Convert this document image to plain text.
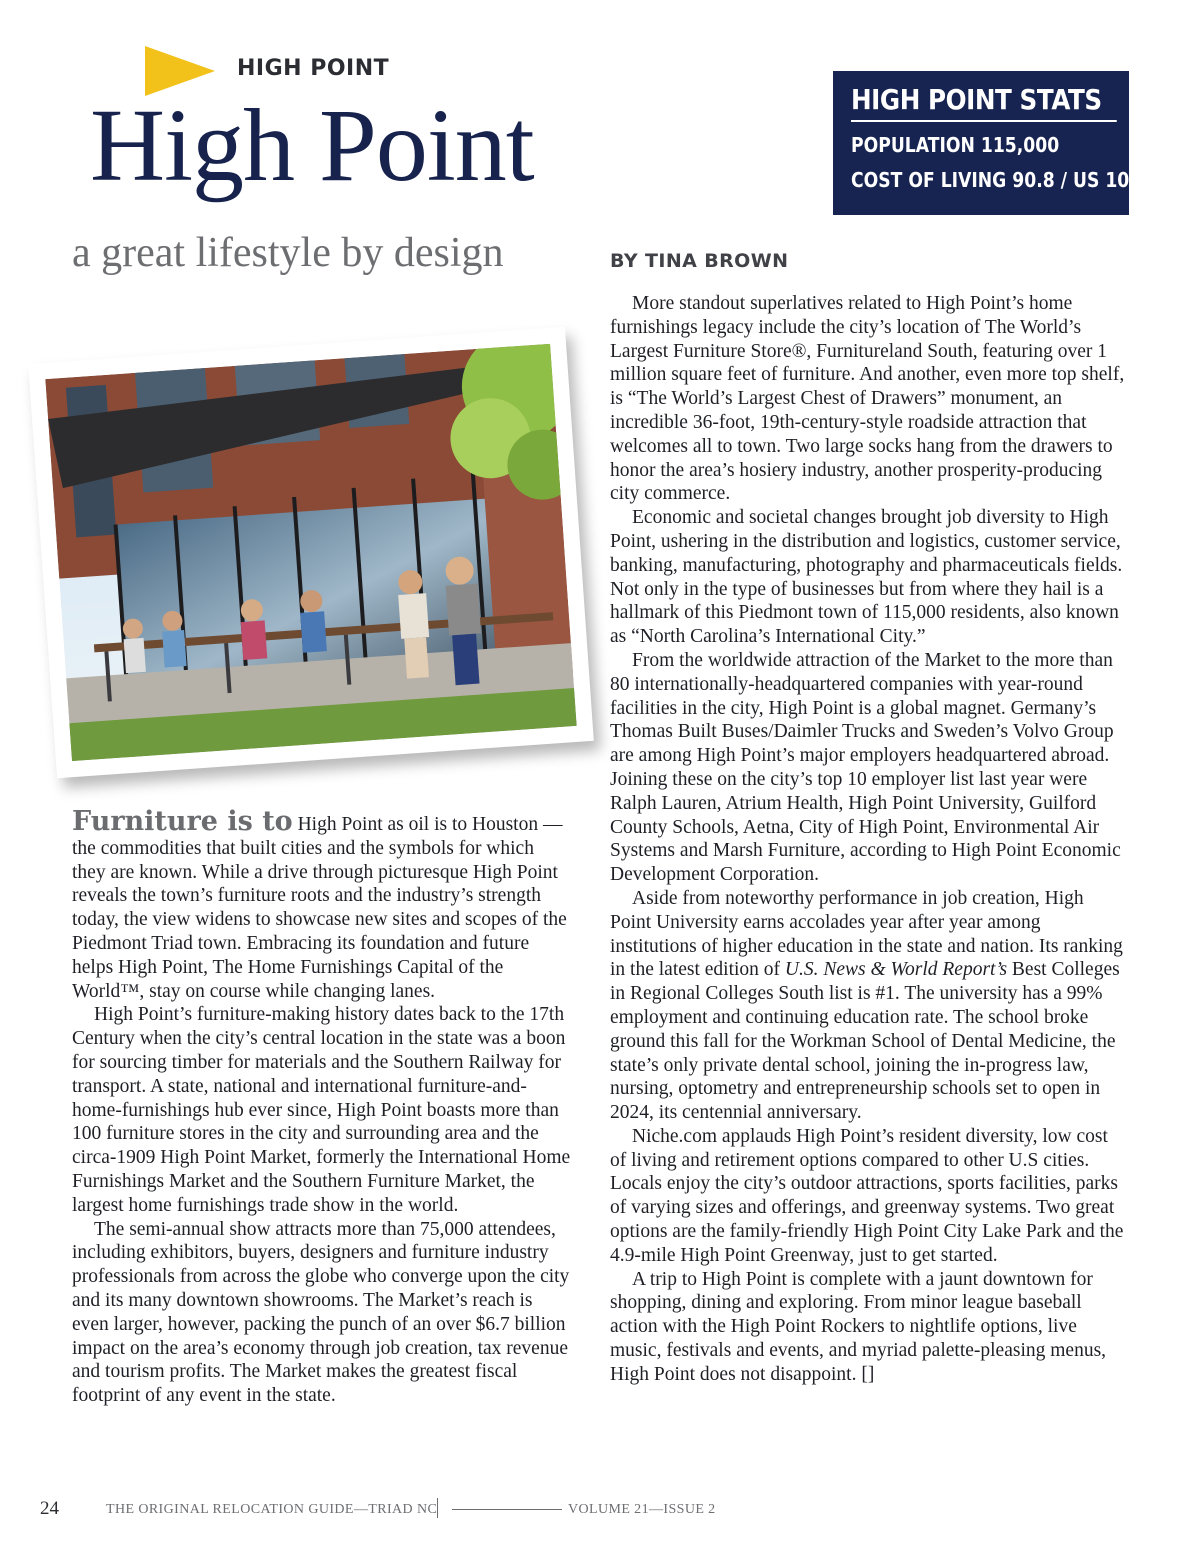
HIGH POINT
High Point
a great lifestyle by design
HIGH POINT STATS
POPULATION 115,000
COST OF LIVING 90.8 / US 100
BY TINA BROWN

Furniture is to High Point as oil is to Houston — the commodities that built cities and the symbols for which they are known. While a drive through picturesque High Point reveals the town’s furniture roots and the industry’s strength today, the view widens to showcase new sites and scopes of the Piedmont Triad town. Embracing its foundation and future helps High Point, The Home Furnishings Capital of the World™, stay on course while changing lanes.

High Point’s furniture-making history dates back to the 17th Century when the city’s central location in the state was a boon for sourcing timber for materials and the Southern Railway for transport. A state, national and international furniture-and-home-furnishings hub ever since, High Point boasts more than 100 furniture stores in the city and surrounding area and the circa-1909 High Point Market, formerly the International Home Furnishings Market and the Southern Furniture Market, the largest home furnishings trade show in the world.

The semi-annual show attracts more than 75,000 attendees, including exhibitors, buyers, designers and furniture industry professionals from across the globe who converge upon the city and its many downtown showrooms. The Market’s reach is even larger, however, packing the punch of an over $6.7 billion impact on the area’s economy through job creation, tax revenue and tourism profits. The Market makes the greatest fiscal footprint of any event in the state.

More standout superlatives related to High Point’s home furnishings legacy include the city’s location of The World’s Largest Furniture Store®, Furnitureland South, featuring over 1 million square feet of furniture. And another, even more top shelf, is “The World’s Largest Chest of Drawers” monument, an incredible 36-foot, 19th-century-style roadside attraction that welcomes all to town. Two large socks hang from the drawers to honor the area’s hosiery industry, another prosperity-producing city commerce.

Economic and societal changes brought job diversity to High Point, ushering in the distribution and logistics, customer service, banking, manufacturing, photography and pharmaceuticals fields. Not only in the type of businesses but from where they hail is a hallmark of this Piedmont town of 115,000 residents, also known as “North Carolina’s International City.”

From the worldwide attraction of the Market to the more than 80 internationally-headquartered companies with year-round facilities in the city, High Point is a global magnet. Germany’s Thomas Built Buses/Daimler Trucks and Sweden’s Volvo Group are among High Point’s major employers headquartered abroad. Joining these on the city’s top 10 employer list last year were Ralph Lauren, Atrium Health, High Point University, Guilford County Schools, Aetna, City of High Point, Environmental Air Systems and Marsh Furniture, according to High Point Economic Development Corporation.

Aside from noteworthy performance in job creation, High Point University earns accolades year after year among institutions of higher education in the state and nation. Its ranking in the latest edition of U.S. News & World Report’s Best Colleges in Regional Colleges South list is #1. The university has a 99% employment and continuing education rate. The school broke ground this fall for the Workman School of Dental Medicine, the state’s only private dental school, joining the in-progress law, nursing, optometry and entrepreneurship schools set to open in 2024, its centennial anniversary.

Niche.com applauds High Point’s resident diversity, low cost of living and retirement options compared to other U.S cities. Locals enjoy the city’s outdoor attractions, sports facilities, parks of varying sizes and offerings, and greenway systems. Two great options are the family-friendly High Point City Lake Park and the 4.9-mile High Point Greenway, just to get started.

A trip to High Point is complete with a jaunt downtown for shopping, dining and exploring. From minor league baseball action with the High Point Rockers to nightlife options, live music, festivals and events, and myriad palette-pleasing menus, High Point does not disappoint. []

24	THE ORIGINAL RELOCATION GUIDE—TRIAD NC	VOLUME 21—ISSUE 2
